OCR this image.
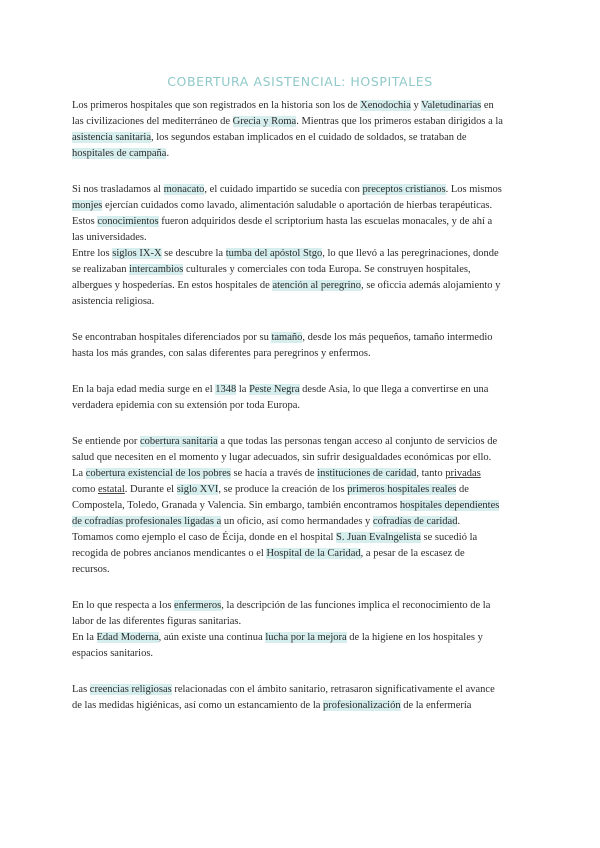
COBERTURA ASISTENCIAL: HOSPITALES
Los primeros hospitales que son registrados en la historia son los de Xenodochia y Valetudinarias en
las civilizaciones del mediterráneo de Grecia y Roma. Mientras que los primeros estaban dirigidos a la
asistencia sanitaria, los segundos estaban implicados en el cuidado de soldados, se trataban de
hospitales de campaña.
Si nos trasladamos al monacato, el cuidado impartido se sucedía con preceptos cristianos. Los mismos
monjes ejercían cuidados como lavado, alimentación saludable o aportación de hierbas terapéuticas.
Estos conocimientos fueron adquiridos desde el scriptorium hasta las escuelas monacales, y de ahí a
las universidades.
Entre los siglos IX-X se descubre la tumba del apóstol Stgo, lo que llevó a las peregrinaciones, donde
se realizaban intercambios culturales y comerciales con toda Europa. Se construyen hospitales,
albergues y hospederías. En estos hospitales de atención al peregrino, se oficcia además alojamiento y
asistencia religiosa.
Se encontraban hospitales diferenciados por su tamaño, desde los más pequeños, tamaño intermedio
hasta los más grandes, con salas diferentes para peregrinos y enfermos.
En la baja edad media surge en el 1348 la Peste Negra desde Asia, lo que llega a convertirse en una
verdadera epidemia con su extensión por toda Europa.
Se entiende por cobertura sanitaria a que todas las personas tengan acceso al conjunto de servicios de
salud que necesiten en el momento y lugar adecuados, sin sufrir desigualdades económicas por ello.
La cobertura existencial de los pobres se hacía a través de instituciones de caridad, tanto privadas
como estatal. Durante el siglo XVI, se produce la creación de los primeros hospitales reales de
Compostela, Toledo, Granada y Valencia. Sin embargo, también encontramos hospitales dependientes
de cofradías profesionales ligadas a un oficio, así como hermandades y cofradías de caridad.
Tomamos como ejemplo el caso de Écija, donde en el hospital S. Juan Evalngelista se sucedió la
recogida de pobres ancianos mendicantes o el Hospital de la Caridad, a pesar de la escasez de
recursos.
En lo que respecta a los enfermeros, la descripción de las funciones implica el reconocimiento de la
labor de las diferentes figuras sanitarias.
En la Edad Moderna, aún existe una continua lucha por la mejora de la higiene en los hospitales y
espacios sanitarios.
Las creencias religiosas relacionadas con el ámbito sanitario, retrasaron significativamente el avance
de las medidas higiénicas, así como un estancamiento de la profesionalización de la enfermería
